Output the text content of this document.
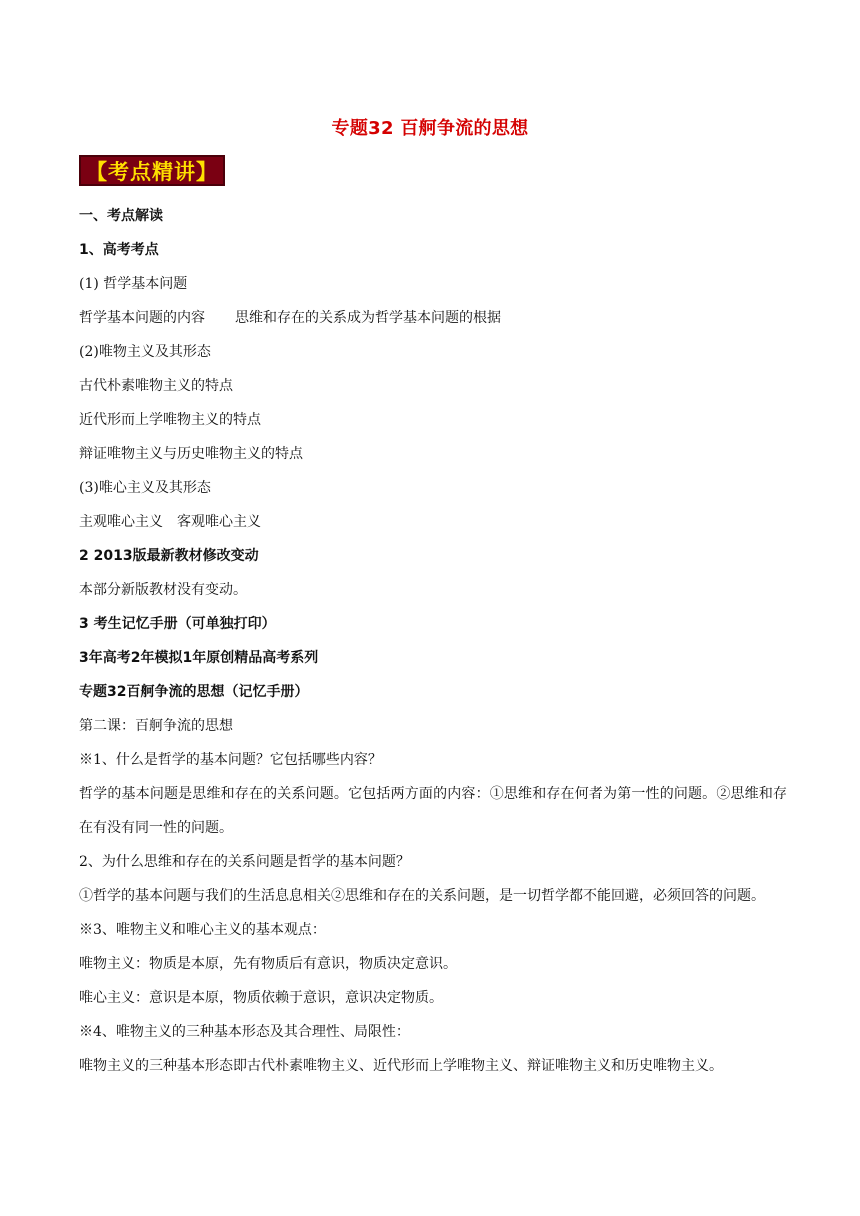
专题32 百舸争流的思想
【考点精讲】
一、考点解读
1、高考考点
(1) 哲学基本问题
哲学基本问题的内容 思维和存在的关系成为哲学基本问题的根据
(2)唯物主义及其形态
古代朴素唯物主义的特点
近代形而上学唯物主义的特点
辩证唯物主义与历史唯物主义的特点
(3)唯心主义及其形态
主观唯心主义 客观唯心主义
2 2013版最新教材修改变动
本部分新版教材没有变动。
3 考生记忆手册（可单独打印）
3年高考2年模拟1年原创精品高考系列
专题32百舸争流的思想（记忆手册）
第二课：百舸争流的思想
※1、什么是哲学的基本问题？它包括哪些内容？
哲学的基本问题是思维和存在的关系问题。它包括两方面的内容：①思维和存在何者为第一性的问题。②思维和存在有没有同一性的问题。
2、为什么思维和存在的关系问题是哲学的基本问题？
①哲学的基本问题与我们的生活息息相关②思维和存在的关系问题，是一切哲学都不能回避，必须回答的问题。
※3、唯物主义和唯心主义的基本观点：
唯物主义：物质是本原，先有物质后有意识，物质决定意识。
唯心主义：意识是本原，物质依赖于意识，意识决定物质。
※4、唯物主义的三种基本形态及其合理性、局限性：
唯物主义的三种基本形态即古代朴素唯物主义、近代形而上学唯物主义、辩证唯物主义和历史唯物主义。
